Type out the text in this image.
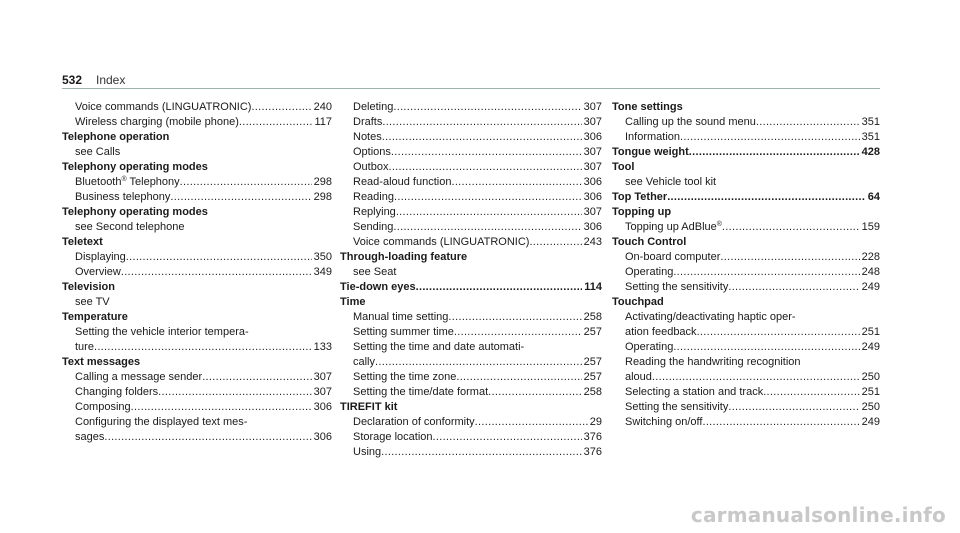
532 Index
Voice commands (LINGUATRONIC) .....	240
Wireless charging (mobile phone) .....	117
Telephone operation
see Calls
Telephony operating modes
Bluetooth® Telephony .....	298
Business telephony .....	298
Telephony operating modes
see Second telephone
Teletext
Displaying .....	350
Overview .....	349
Television
see TV
Temperature
Setting the vehicle interior tempera-
ture .....	133
Text messages
Calling a message sender .....	307
Changing folders .....	307
Composing .....	306
Configuring the displayed text mes-
sages .....	306
Deleting .....	307
Drafts .....	307
Notes .....	306
Options .....	307
Outbox .....	307
Read-aloud function .....	306
Reading .....	306
Replying .....	307
Sending .....	306
Voice commands (LINGUATRONIC) .....	243
Through-loading feature
see Seat
Tie-down eyes .....	114
Time
Manual time setting .....	258
Setting summer time .....	257
Setting the time and date automati-
cally .....	257
Setting the time zone .....	257
Setting the time/date format .....	258
TIREFIT kit
Declaration of conformity .....	29
Storage location .....	376
Using .....	376
Tone settings
Calling up the sound menu .....	351
Information .....	351
Tongue weight .....	428
Tool
see Vehicle tool kit
Top Tether .....	64
Topping up
Topping up AdBlue® .....	159
Touch Control
On-board computer .....	228
Operating .....	248
Setting the sensitivity .....	249
Touchpad
Activating/deactivating haptic oper-
ation feedback .....	251
Operating .....	249
Reading the handwriting recognition
aloud .....	250
Selecting a station and track .....	251
Setting the sensitivity .....	250
Switching on/off .....	249
carmanualsonline.info
